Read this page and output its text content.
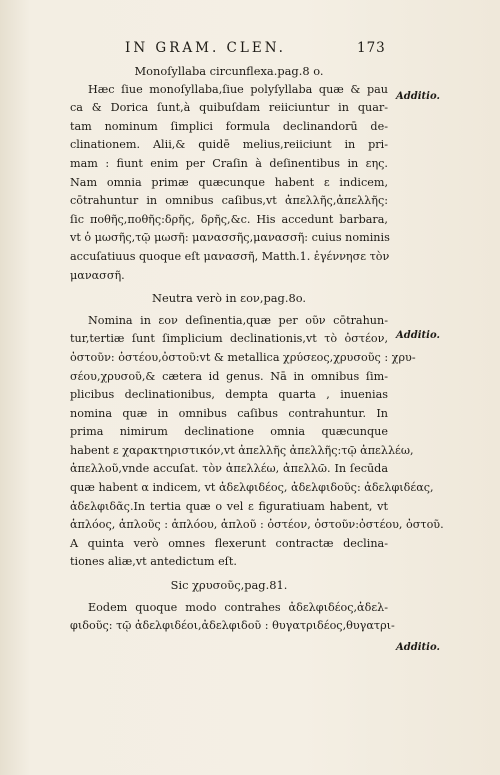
IN GRAM. CLEN.	173
Monoſyllaba circunflexa.pag.8 o.
Hæc ſiue monoſyllaba,ſiue polyſyllaba quæ & pau
ca & Dorica ſunt,à quibuſdam reiiciuntur in quar-
tam nominum ſimplici formula declinandorū de-
clinationem. Alii,& quidē melius,reiiciunt in pri-
mam : fiunt enim per Craſin à deſinentibus in εης.
Nam omnia primæ quæcunque habent ε indicem,
cōtrahuntur in omnibus caſibus,vt ἀπελλῆς,ἀπελλῆς:
ſic ποθῆς,ποθῆς:δρῆς, δρῆς,&c. His accedunt barbara,
vt ὁ μωσῆς,τῷ μωσῆ: μανασσῆς,μανασσῆ: cuius nominis
accuſatiuus quoque eſt μανασσῆ, Matth.1. ἐγέννησε τὸν
μανασσῆ.
Neutra verò in εον,pag.8o.
Nomina in εον deſinentia,quæ per οῦν cōtrahun-
tur,tertiæ ſunt ſimplicium declinationis,vt τὸ ὀστέον,
ὀστοῦν: ὀστέου,ὀστοῦ:vt & metallica χρύσεος,χρυσοῦς : χρυ-
σέου,χρυσοῦ,& cætera id genus. Nā in omnibus ſim-
plicibus declinationibus, dempta quarta , inuenias
nomina quæ in omnibus caſibus contrahuntur. In
prima nimirum declinatione omnia quæcunque
habent ε χαρακτηριστικόν,vt ἀπελλῆς ἀπελλῆς:τῷ ἀπελλέω,
ἀπελλοῦ,vnde accuſat. τὸν ἀπελλέω, ἀπελλῶ. In ſecūda
quæ habent α indicem, vt ἀδελφιδέος, ἀδελφιδοῦς: ἀδελφιδέας,
ἀδελφιδᾶς.In tertia quæ ο vel ε figuratiuam habent, vt
ἁπλόος, ἁπλοῦς : ἁπλόου, ἁπλοῦ : ὀστέον, ὀστοῦν:ὀστέου, ὀστοῦ.
A quinta verò omnes flexerunt contractæ declina-
tiones aliæ,vt antedictum eſt.
Sic χρυσοῦς,pag.81.
Eodem quoque modo contrahes ἀδελφιδέος,ἀδελ-
φιδοῦς: τῷ ἀδελφιδέοι,ἀδελφιδοῦ : θυγατριδέος,θυγατρι-
Additio.
Additio.
Additio.
